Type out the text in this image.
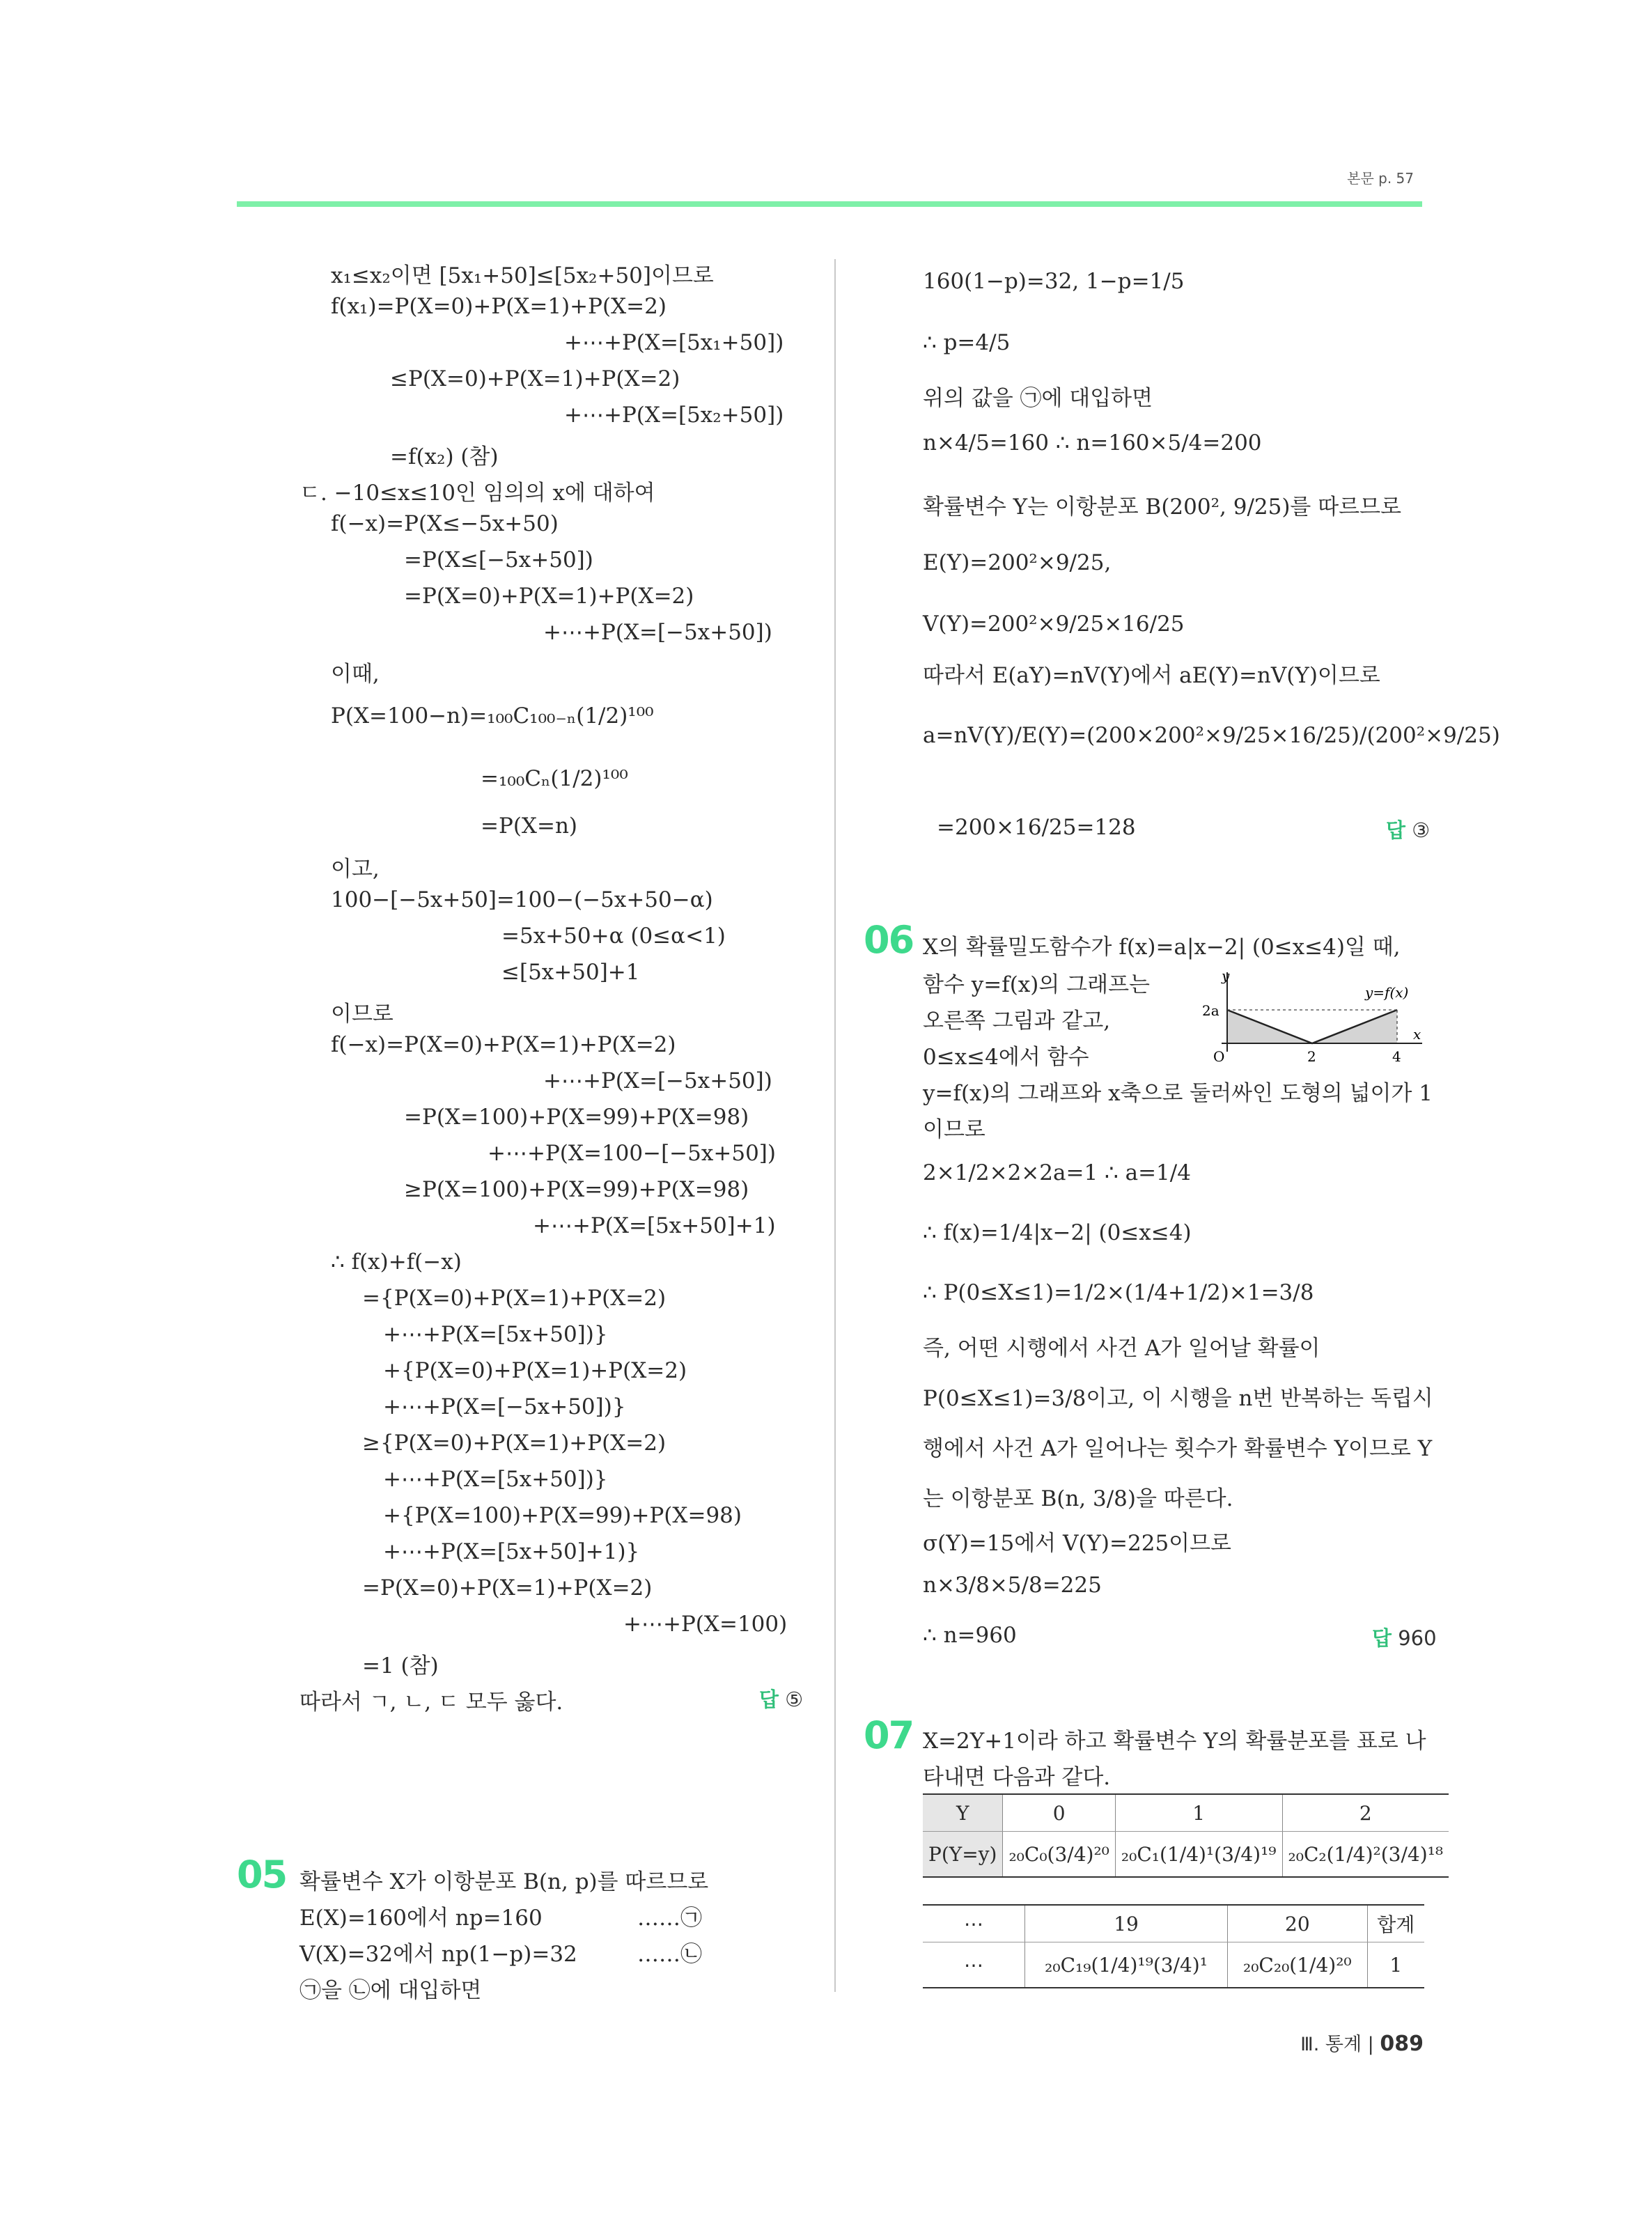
본문 p. 57
x₁≤x₂이면 [5x₁+50]≤[5x₂+50]이므로
f(x₁)=P(X=0)+P(X=1)+P(X=2)
+⋯+P(X=[5x₁+50])
≤P(X=0)+P(X=1)+P(X=2)
+⋯+P(X=[5x₂+50])
=f(x₂) (참)
ㄷ. −10≤x≤10인 임의의 x에 대하여
f(−x)=P(X≤−5x+50)
=P(X≤[−5x+50])
=P(X=0)+P(X=1)+P(X=2)
+⋯+P(X=[−5x+50])
이때,
P(X=100−n)=₁₀₀C₁₀₀₋ₙ(1/2)¹⁰⁰
=₁₀₀Cₙ(1/2)¹⁰⁰
=P(X=n)
이고,
100−[−5x+50]=100−(−5x+50−α)
=5x+50+α (0≤α<1)
≤[5x+50]+1
이므로
f(−x)=P(X=0)+P(X=1)+P(X=2)
+⋯+P(X=[−5x+50])
=P(X=100)+P(X=99)+P(X=98)
+⋯+P(X=100−[−5x+50])
≥P(X=100)+P(X=99)+P(X=98)
+⋯+P(X=[5x+50]+1)
∴ f(x)+f(−x)
={P(X=0)+P(X=1)+P(X=2)
+⋯+P(X=[5x+50])}
+{P(X=0)+P(X=1)+P(X=2)
+⋯+P(X=[−5x+50])}
≥{P(X=0)+P(X=1)+P(X=2)
+⋯+P(X=[5x+50])}
+{P(X=100)+P(X=99)+P(X=98)
+⋯+P(X=[5x+50]+1)}
=P(X=0)+P(X=1)+P(X=2)
+⋯+P(X=100)
=1 (참)
따라서 ㄱ, ㄴ, ㄷ 모두 옳다.	답 ⑤
05 확률변수 X가 이항분포 B(n, p)를 따르므로
E(X)=160에서 np=160	……㉠
V(X)=32에서 np(1−p)=32	……㉡
㉠을 ㉡에 대입하면
160(1−p)=32, 1−p=1/5
∴ p=4/5
위의 값을 ㉠에 대입하면
n×4/5=160 ∴ n=160×5/4=200
확률변수 Y는 이항분포 B(200², 9/25)를 따르므로
E(Y)=200²×9/25,
V(Y)=200²×9/25×16/25
따라서 E(aY)=nV(Y)에서 aE(Y)=nV(Y)이므로
a=nV(Y)/E(Y)=(200×200²×9/25×16/25)/(200²×9/25)
=200×16/25=128	답 ③
06 X의 확률밀도함수가 f(x)=a|x−2| (0≤x≤4)일 때,
함수 y=f(x)의 그래프는
오른쪽 그림과 같고,
0≤x≤4에서 함수
y=f(x)의 그래프와 x축으로 둘러싸인 도형의 넓이가 1
이므로
2×1/2×2×2a=1 ∴ a=1/4
∴ f(x)=1/4|x−2| (0≤x≤4)
∴ P(0≤X≤1)=1/2×(1/4+1/2)×1=3/8
즉, 어떤 시행에서 사건 A가 일어날 확률이
P(0≤X≤1)=3/8이고, 이 시행을 n번 반복하는 독립시
행에서 사건 A가 일어나는 횟수가 확률변수 Y이므로 Y
는 이항분포 B(n, 3/8)을 따른다.
σ(Y)=15에서 V(Y)=225이므로
n×3/8×5/8=225
∴ n=960	답 960
07 X=2Y+1이라 하고 확률변수 Y의 확률분포를 표로 나
타내면 다음과 같다.
y
x
O
2a
2	4
y=f(x)
Y	0	1	2
P(Y=y)	₂₀C₀(3/4)²⁰	₂₀C₁(1/4)¹(3/4)¹⁹	₂₀C₂(1/4)²(3/4)¹⁸
⋯	19	20	합계
⋯	₂₀C₁₉(1/4)¹⁹(3/4)¹	₂₀C₂₀(1/4)²⁰	1
Ⅲ. 통계 | 089
